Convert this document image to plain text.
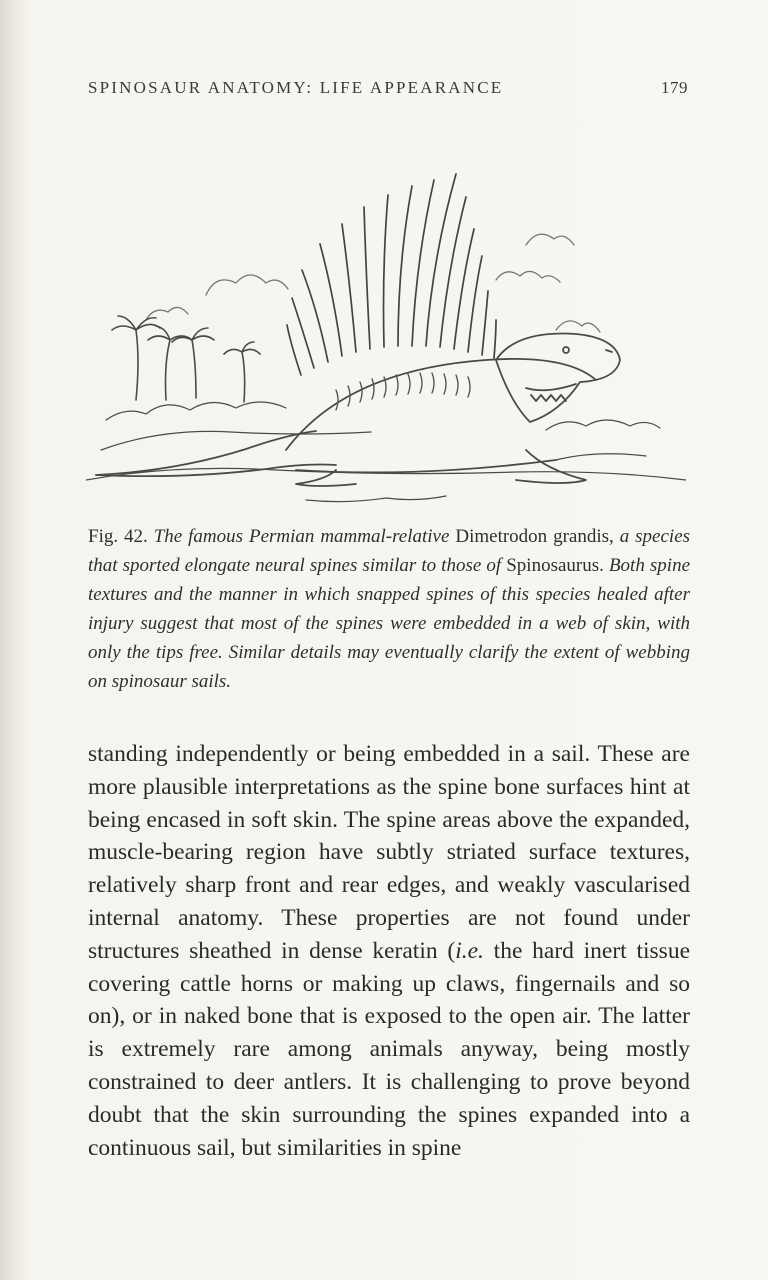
SPINOSAUR ANATOMY: LIFE APPEARANCE	179
Fig. 42. The famous Permian mammal-relative Dimetrodon grandis, a species that sported elongate neural spines similar to those of Spinosaurus. Both spine textures and the manner in which snapped spines of this species healed after injury suggest that most of the spines were embedded in a web of skin, with only the tips free. Similar details may eventually clarify the extent of webbing on spinosaur sails.
standing independently or being embedded in a sail. These are more plausible interpretations as the spine bone surfaces hint at being encased in soft skin. The spine areas above the expanded, muscle-bearing region have subtly striated surface textures, relatively sharp front and rear edges, and weakly vascularised internal anatomy. These properties are not found under structures sheathed in dense keratin (i.e. the hard inert tissue covering cattle horns or making up claws, fingernails and so on), or in naked bone that is exposed to the open air. The latter is extremely rare among animals anyway, being mostly constrained to deer antlers. It is challenging to prove beyond doubt that the skin surrounding the spines expanded into a continuous sail, but similarities in spine
